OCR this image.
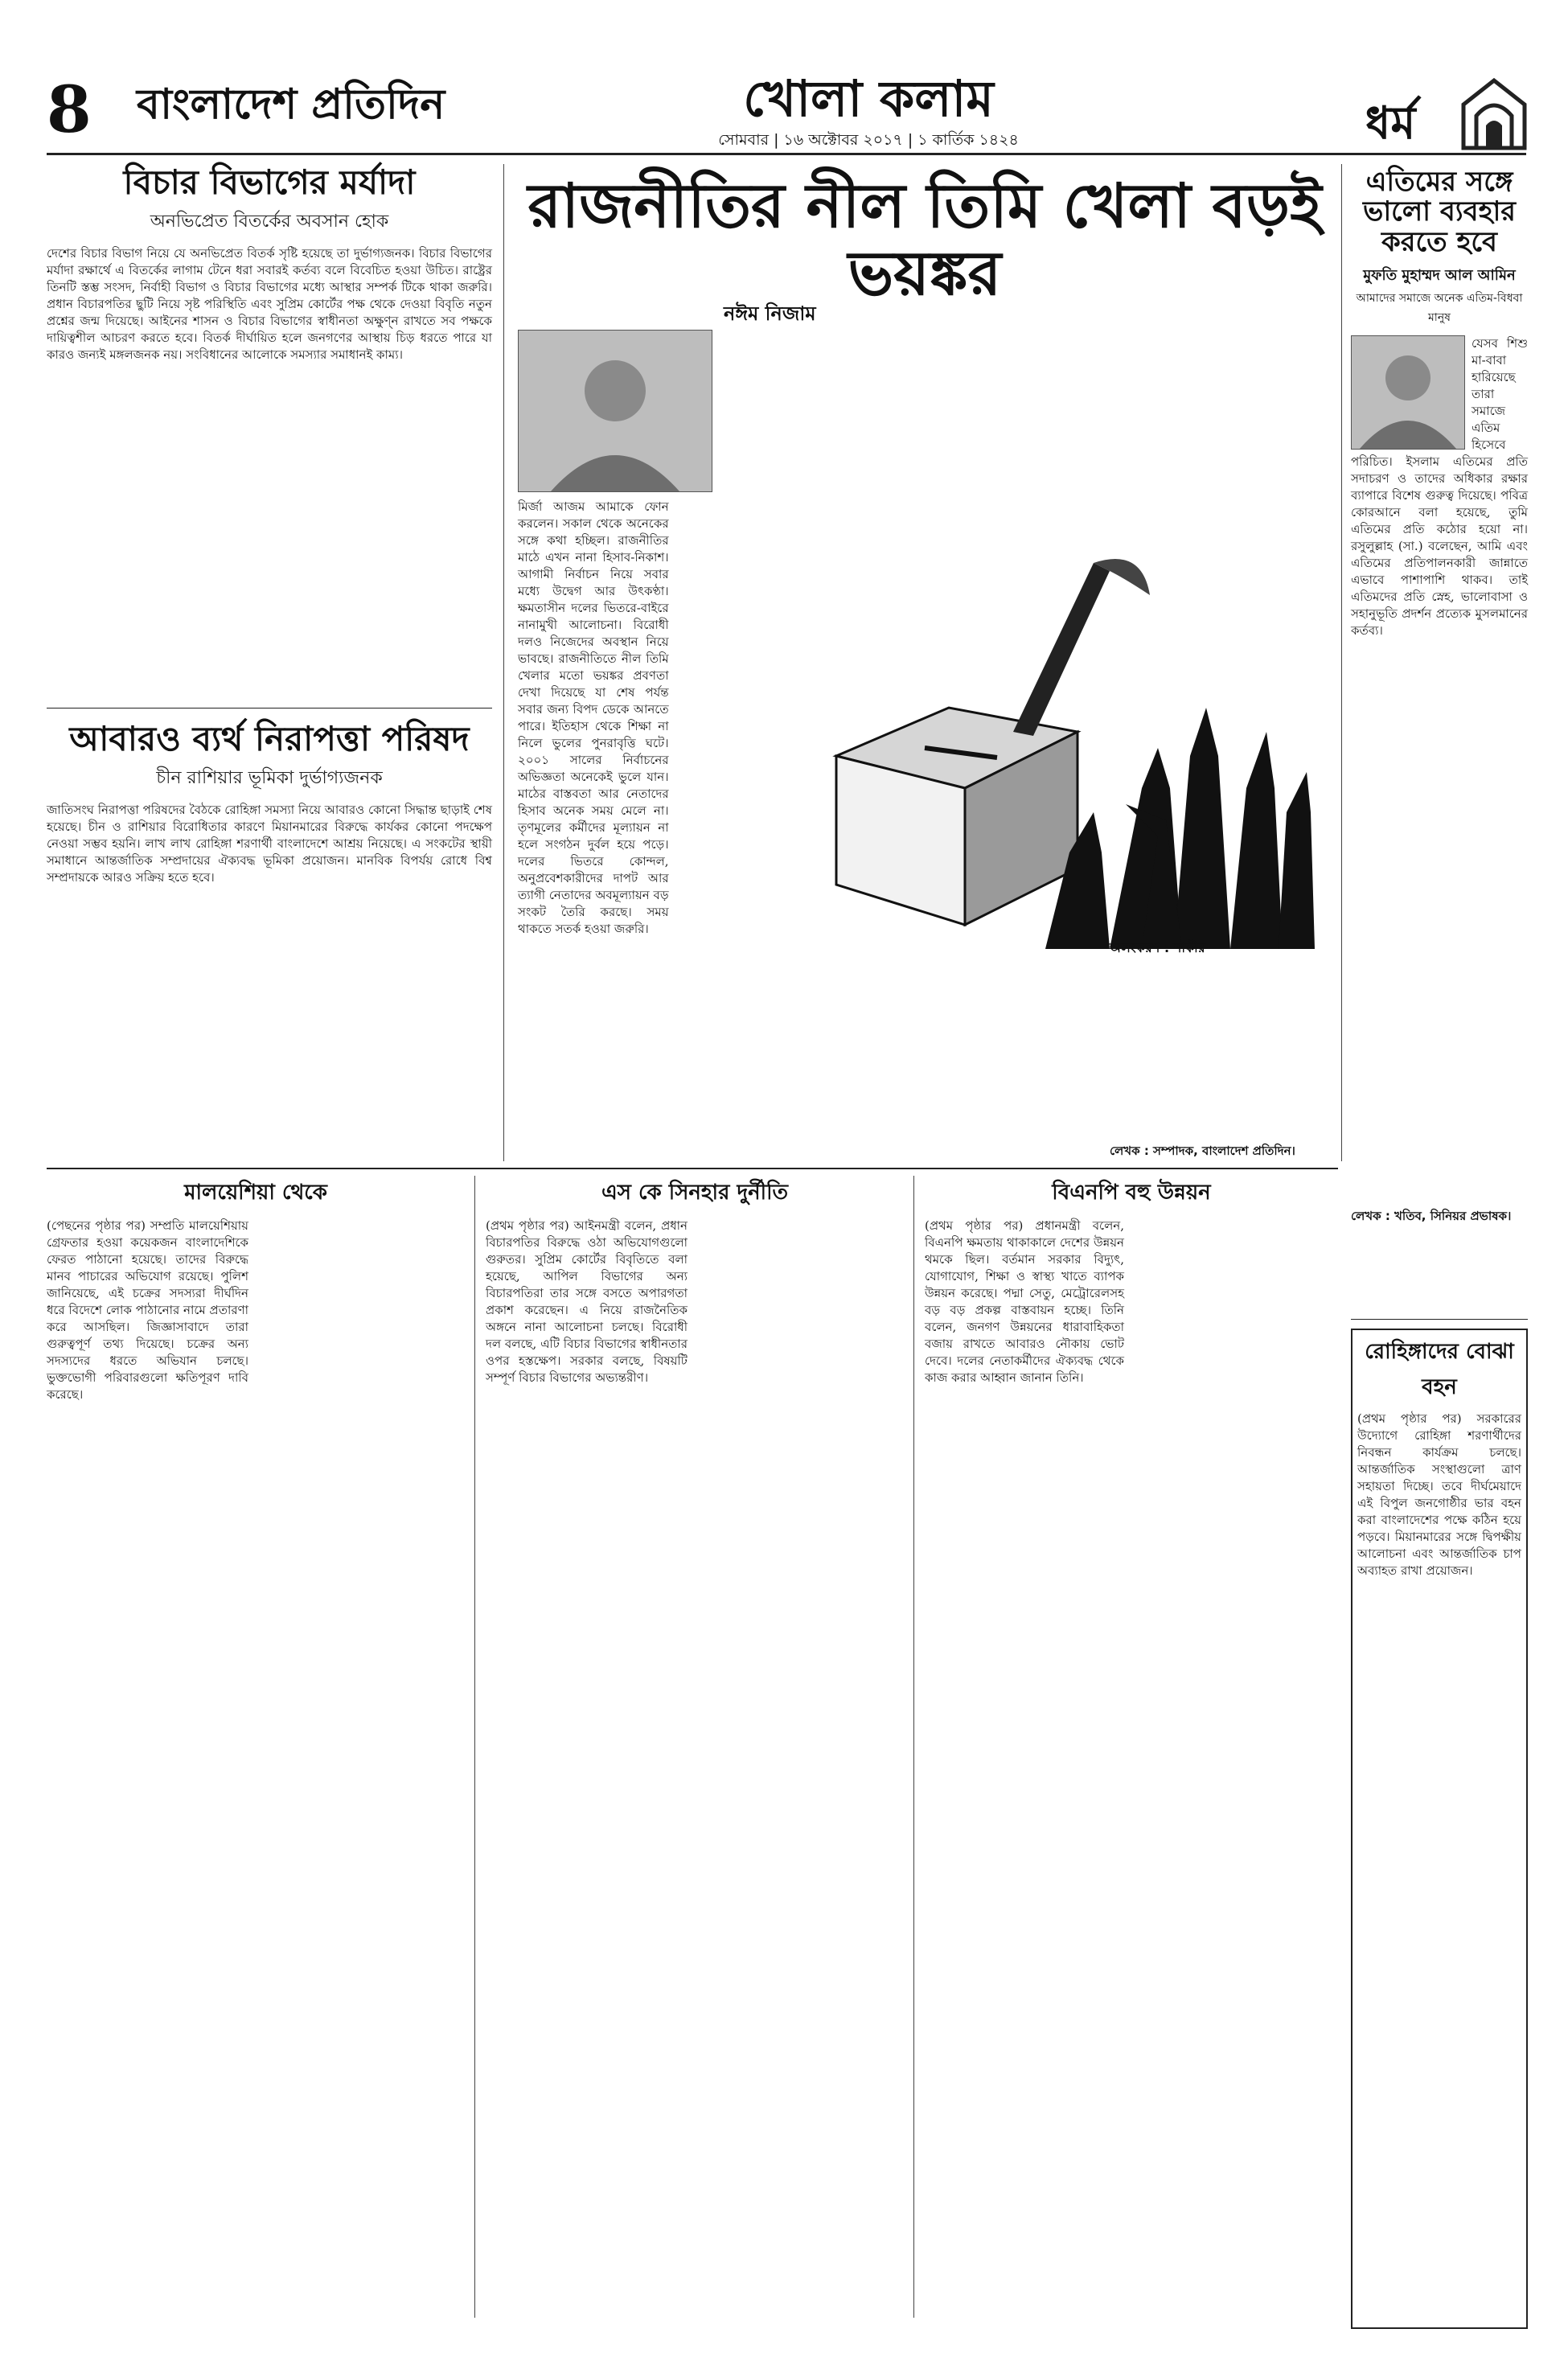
8 বাংলাদেশ প্রতিদিন	খোলা কলাম
সোমবার | ১৬ অক্টোবর ২০১৭ | ১ কার্তিক ১৪২৪	ধর্ম
বিচার বিভাগের মর্যাদা
অনভিপ্রেত বিতর্কের অবসান হোক
দেশের বিচার বিভাগ নিয়ে যে অনভিপ্রেত বিতর্ক সৃষ্টি হয়েছে তা দুর্ভাগ্যজনক। বিচার বিভাগের মর্যাদা রক্ষার্থে এ বিতর্কের লাগাম টেনে ধরা সবারই কর্তব্য বলে বিবেচিত হওয়া উচিত। রাষ্ট্রের তিনটি স্তম্ভ সংসদ, নির্বাহী বিভাগ ও বিচার বিভাগের মধ্যে আস্থার সম্পর্ক টিকে থাকা জরুরি। প্রধান বিচারপতির ছুটি নিয়ে সৃষ্ট পরিস্থিতি এবং সুপ্রিম কোর্টের পক্ষ থেকে দেওয়া বিবৃতি নতুন প্রশ্নের জন্ম দিয়েছে। আইনের শাসন ও বিচার বিভাগের স্বাধীনতা অক্ষুণ্ন রাখতে সব পক্ষকে দায়িত্বশীল আচরণ করতে হবে। বিতর্ক দীর্ঘায়িত হলে জনগণের আস্থায় চিড় ধরতে পারে যা কারও জন্যই মঙ্গলজনক নয়। সংবিধানের আলোকে সমস্যার সমাধানই কাম্য।
আবারও ব্যর্থ নিরাপত্তা পরিষদ
চীন রাশিয়ার ভূমিকা দুর্ভাগ্যজনক
জাতিসংঘ নিরাপত্তা পরিষদের বৈঠকে রোহিঙ্গা সমস্যা নিয়ে আবারও কোনো সিদ্ধান্ত ছাড়াই শেষ হয়েছে। চীন ও রাশিয়ার বিরোধিতার কারণে মিয়ানমারের বিরুদ্ধে কার্যকর কোনো পদক্ষেপ নেওয়া সম্ভব হয়নি। লাখ লাখ রোহিঙ্গা শরণার্থী বাংলাদেশে আশ্রয় নিয়েছে। এ সংকটের স্থায়ী সমাধানে আন্তর্জাতিক সম্প্রদায়ের ঐক্যবদ্ধ ভূমিকা প্রয়োজন। মানবিক বিপর্যয় রোধে বিশ্ব সম্প্রদায়কে আরও সক্রিয় হতে হবে।
রাজনীতির নীল তিমি খেলা বড়ই ভয়ঙ্কর
নঈম নিজাম
মির্জা আজম আমাকে ফোন করলেন। সকাল থেকে অনেকের সঙ্গে কথা হচ্ছিল। রাজনীতির মাঠে এখন নানা হিসাব-নিকাশ। আগামী নির্বাচন নিয়ে সবার মধ্যে উদ্বেগ আর উৎকণ্ঠা। ক্ষমতাসীন দলের ভিতরে-বাইরে নানামুখী আলোচনা। বিরোধী দলও নিজেদের অবস্থান নিয়ে ভাবছে। রাজনীতিতে নীল তিমি খেলার মতো ভয়ঙ্কর প্রবণতা দেখা দিয়েছে যা শেষ পর্যন্ত সবার জন্য বিপদ ডেকে আনতে পারে। ইতিহাস থেকে শিক্ষা না নিলে ভুলের পুনরাবৃত্তি ঘটে। ২০০১ সালের নির্বাচনের অভিজ্ঞতা অনেকেই ভুলে যান। মাঠের বাস্তবতা আর নেতাদের হিসাব অনেক সময় মেলে না। তৃণমূলের কর্মীদের মূল্যায়ন না হলে সংগঠন দুর্বল হয়ে পড়ে। দলের ভিতরে কোন্দল, অনুপ্রবেশকারীদের দাপট আর ত্যাগী নেতাদের অবমূল্যায়ন বড় সংকট তৈরি করছে। সময় থাকতে সতর্ক হওয়া জরুরি।
অলংকরণ : শাকীর
লেখক : সম্পাদক, বাংলাদেশ প্রতিদিন।
এতিমের সঙ্গে ভালো ব্যবহার করতে হবে
মুফতি মুহাম্মদ আল আমিন
আমাদের সমাজে অনেক এতিম-বিধবা মানুষ
যেসব শিশু মা-বাবা হারিয়েছে তারা সমাজে এতিম হিসেবে পরিচিত। ইসলাম এতিমের প্রতি সদাচরণ ও তাদের অধিকার রক্ষার ব্যাপারে বিশেষ গুরুত্ব দিয়েছে। পবিত্র কোরআনে বলা হয়েছে, তুমি এতিমের প্রতি কঠোর হয়ো না। রসুলুল্লাহ (সা.) বলেছেন, আমি এবং এতিমের প্রতিপালনকারী জান্নাতে এভাবে পাশাপাশি থাকব। তাই এতিমদের প্রতি স্নেহ, ভালোবাসা ও সহানুভূতি প্রদর্শন প্রত্যেক মুসলমানের কর্তব্য।
লেখক : খতিব, সিনিয়র প্রভাষক।
রোহিঙ্গাদের বোঝা বহন
(প্রথম পৃষ্ঠার পর) সরকারের উদ্যোগে রোহিঙ্গা শরণার্থীদের নিবন্ধন কার্যক্রম চলছে। আন্তর্জাতিক সংস্থাগুলো ত্রাণ সহায়তা দিচ্ছে। তবে দীর্ঘমেয়াদে এই বিপুল জনগোষ্ঠীর ভার বহন করা বাংলাদেশের পক্ষে কঠিন হয়ে পড়বে। মিয়ানমারের সঙ্গে দ্বিপক্ষীয় আলোচনা এবং আন্তর্জাতিক চাপ অব্যাহত রাখা প্রয়োজন।
মালয়েশিয়া থেকে
(পেছনের পৃষ্ঠার পর) সম্প্রতি মালয়েশিয়ায় গ্রেফতার হওয়া কয়েকজন বাংলাদেশিকে ফেরত পাঠানো হয়েছে। তাদের বিরুদ্ধে মানব পাচারের অভিযোগ রয়েছে। পুলিশ জানিয়েছে, এই চক্রের সদস্যরা দীর্ঘদিন ধরে বিদেশে লোক পাঠানোর নামে প্রতারণা করে আসছিল। জিজ্ঞাসাবাদে তারা গুরুত্বপূর্ণ তথ্য দিয়েছে। চক্রের অন্য সদস্যদের ধরতে অভিযান চলছে। ভুক্তভোগী পরিবারগুলো ক্ষতিপূরণ দাবি করেছে।
এস কে সিনহার দুর্নীতি
(প্রথম পৃষ্ঠার পর) আইনমন্ত্রী বলেন, প্রধান বিচারপতির বিরুদ্ধে ওঠা অভিযোগগুলো গুরুতর। সুপ্রিম কোর্টের বিবৃতিতে বলা হয়েছে, আপিল বিভাগের অন্য বিচারপতিরা তার সঙ্গে বসতে অপারগতা প্রকাশ করেছেন। এ নিয়ে রাজনৈতিক অঙ্গনে নানা আলোচনা চলছে। বিরোধী দল বলছে, এটি বিচার বিভাগের স্বাধীনতার ওপর হস্তক্ষেপ। সরকার বলছে, বিষয়টি সম্পূর্ণ বিচার বিভাগের অভ্যন্তরীণ।
বিএনপি বহু উন্নয়ন
(প্রথম পৃষ্ঠার পর) প্রধানমন্ত্রী বলেন, বিএনপি ক্ষমতায় থাকাকালে দেশের উন্নয়ন থমকে ছিল। বর্তমান সরকার বিদ্যুৎ, যোগাযোগ, শিক্ষা ও স্বাস্থ্য খাতে ব্যাপক উন্নয়ন করেছে। পদ্মা সেতু, মেট্রোরেলসহ বড় বড় প্রকল্প বাস্তবায়ন হচ্ছে। তিনি বলেন, জনগণ উন্নয়নের ধারাবাহিকতা বজায় রাখতে আবারও নৌকায় ভোট দেবে। দলের নেতাকর্মীদের ঐক্যবদ্ধ থেকে কাজ করার আহ্বান জানান তিনি।
